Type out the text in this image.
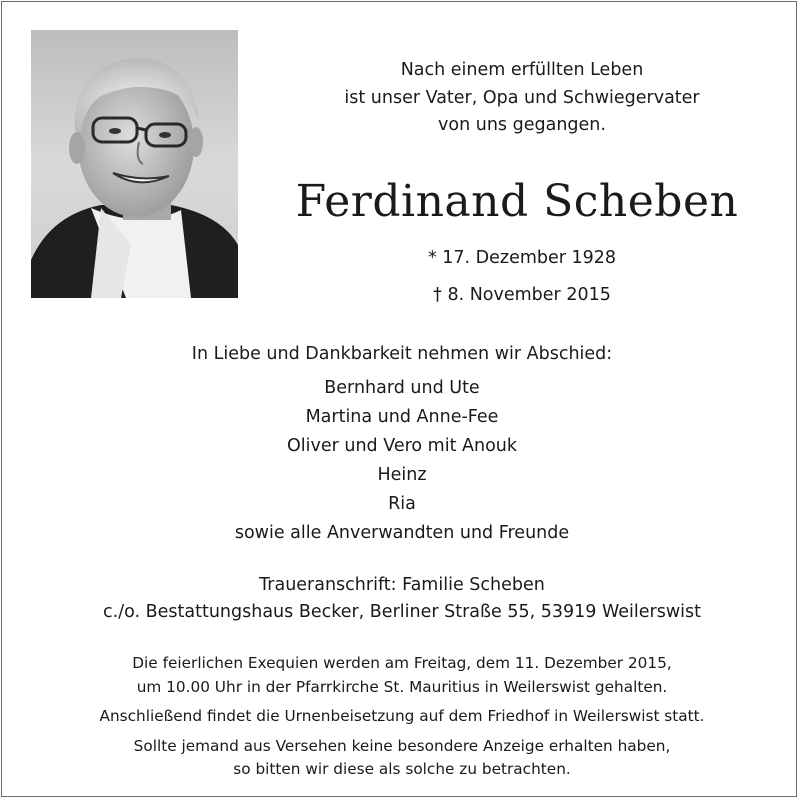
Nach einem erfüllten Leben
ist unser Vater, Opa und Schwiegervater
von uns gegangen.
Ferdinand Scheben
* 17. Dezember 1928
† 8. November 2015
In Liebe und Dankbarkeit nehmen wir Abschied:
Bernhard und Ute
Martina und Anne-Fee
Oliver und Vero mit Anouk
Heinz
Ria
sowie alle Anverwandten und Freunde
Traueranschrift: Familie Scheben
c./o. Bestattungshaus Becker, Berliner Straße 55, 53919 Weilerswist
Die feierlichen Exequien werden am Freitag, dem 11. Dezember 2015,
um 10.00 Uhr in der Pfarrkirche St. Mauritius in Weilerswist gehalten.
Anschließend findet die Urnenbeisetzung auf dem Friedhof in Weilerswist statt.
Sollte jemand aus Versehen keine besondere Anzeige erhalten haben,
so bitten wir diese als solche zu betrachten.
